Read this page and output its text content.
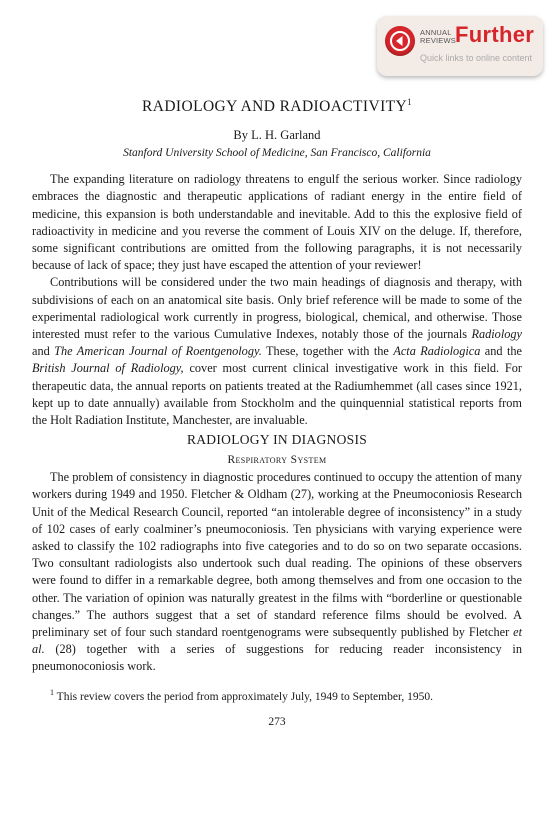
ANNUAL
REVIEWS Further
Quick links to online content
RADIOLOGY AND RADIOACTIVITY$^1$
By L. H. Garland
Stanford University School of Medicine, San Francisco, California

The expanding literature on radiology threatens to engulf the serious worker. Since radiology embraces the diagnostic and therapeutic applications of radiant energy in the entire field of medicine, this expansion is both understandable and inevitable. Add to this the explosive field of radioactivity in medicine and you reverse the comment of Louis XIV on the deluge. If, therefore, some significant contributions are omitted from the following paragraphs, it is not necessarily because of lack of space; they just have escaped the attention of your reviewer!

Contributions will be considered under the two main headings of diagnosis and therapy, with subdivisions of each on an anatomical site basis. Only brief reference will be made to some of the experimental radiological work currently in progress, biological, chemical, and otherwise. Those interested must refer to the various Cumulative Indexes, notably those of the journals Radiology and The American Journal of Roentgenology. These, together with the Acta Radiologica and the British Journal of Radiology, cover most current clinical investigative work in this field. For therapeutic data, the annual reports on patients treated at the Radiumhemmet (all cases since 1921, kept up to date annually) available from Stockholm and the quinquennial statistical reports from the Holt Radiation Institute, Manchester, are invaluable.

RADIOLOGY IN DIAGNOSIS
Respiratory System

The problem of consistency in diagnostic procedures continued to occupy the attention of many workers during 1949 and 1950. Fletcher & Oldham (27), working at the Pneumoconiosis Research Unit of the Medical Research Council, reported “an intolerable degree of inconsistency” in a study of 102 cases of early coalminer’s pneumoconiosis. Ten physicians with varying experience were asked to classify the 102 radiographs into five categories and to do so on two separate occasions. Two consultant radiologists also undertook such dual reading. The opinions of these observers were found to differ in a remarkable degree, both among themselves and from one occasion to the other. The variation of opinion was naturally greatest in the films with “borderline or questionable changes.” The authors suggest that a set of standard reference films should be evolved. A preliminary set of four such standard roentgenograms were subsequently published by Fletcher et al. (28) together with a series of suggestions for reducing reader inconsistency in pneumonoconiosis work.

$^1$ This review covers the period from approximately July, 1949 to September, 1950.
273
